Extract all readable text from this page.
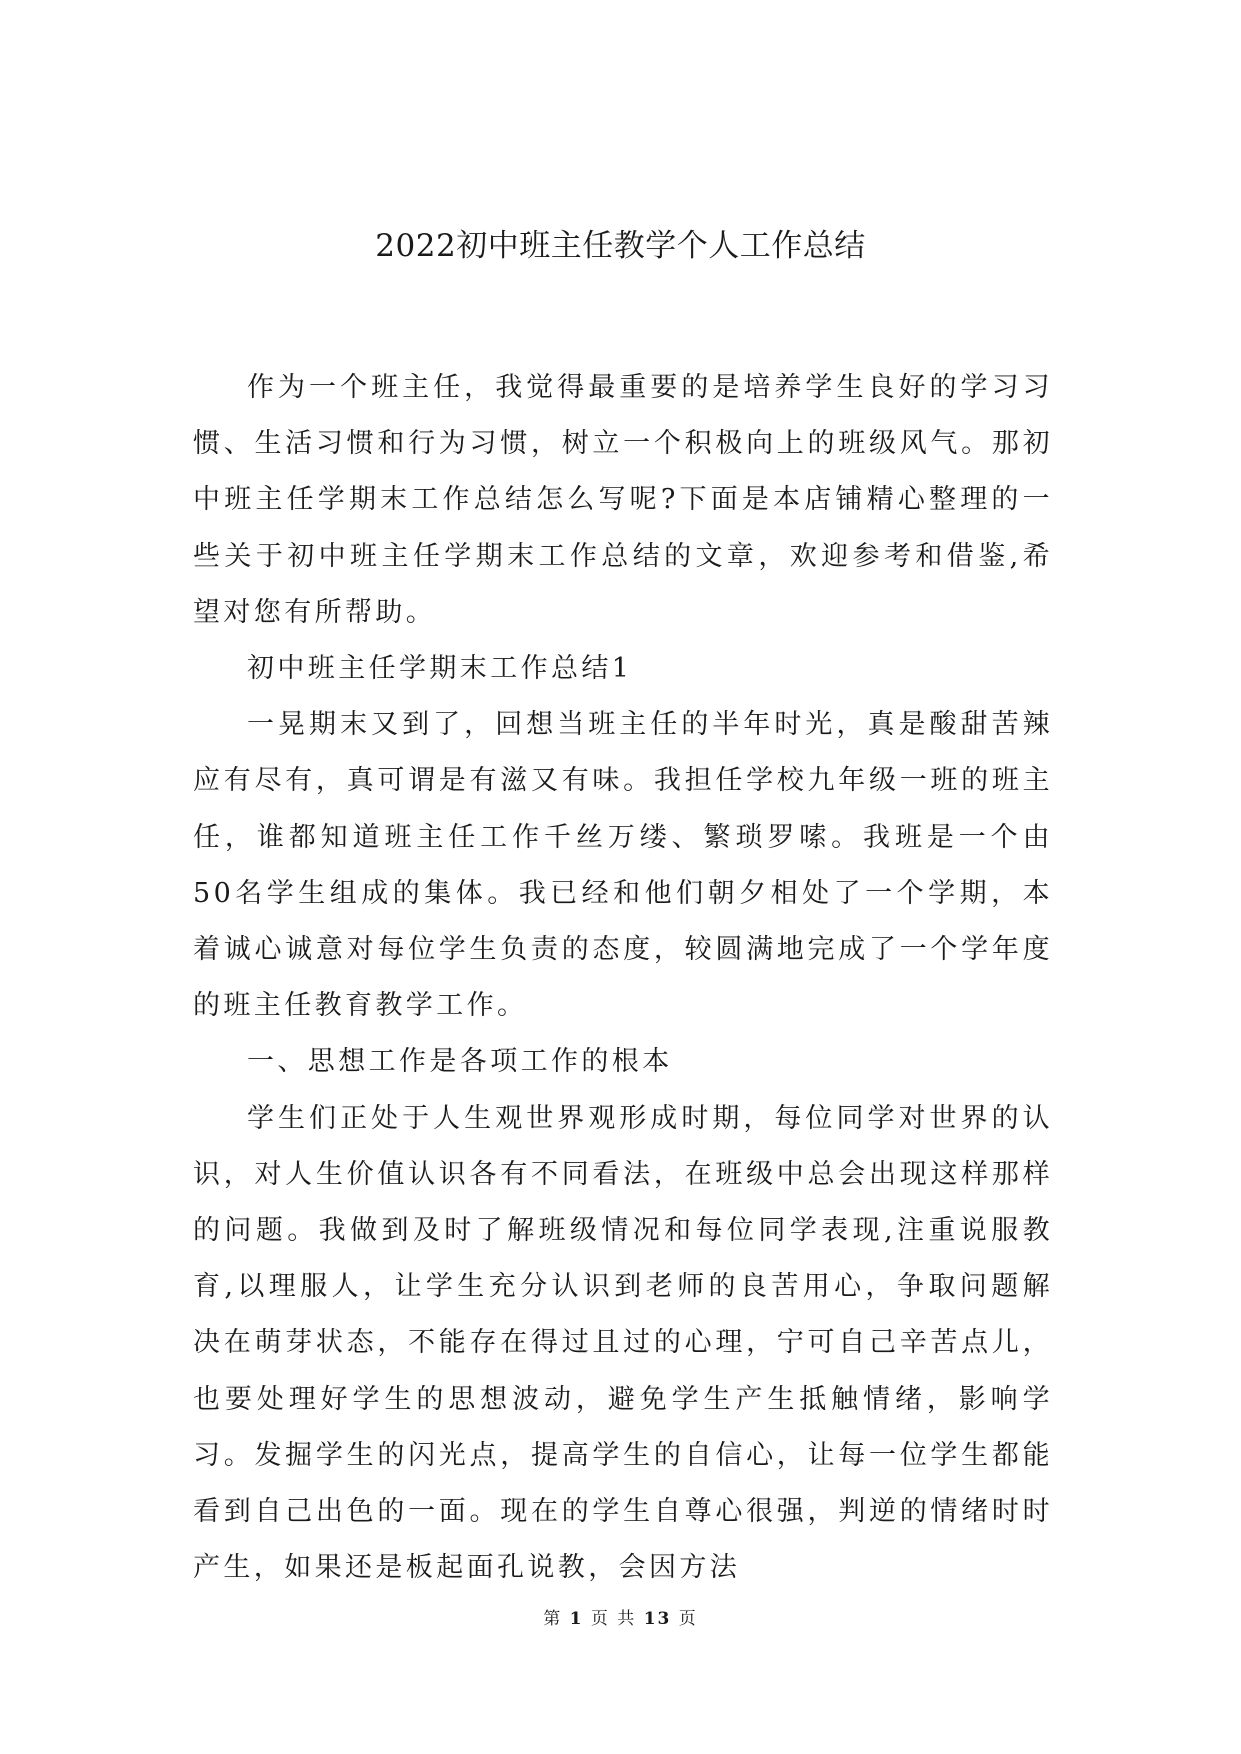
2022初中班主任教学个人工作总结

作为一个班主任，我觉得最重要的是培养学生良好的学习习惯、生活习惯和行为习惯，树立一个积极向上的班级风气。那初中班主任学期末工作总结怎么写呢?下面是本店铺精心整理的一些关于初中班主任学期末工作总结的文章，欢迎参考和借鉴,希望对您有所帮助。

初中班主任学期末工作总结1

一晃期末又到了，回想当班主任的半年时光，真是酸甜苦辣应有尽有，真可谓是有滋又有味。我担任学校九年级一班的班主任，谁都知道班主任工作千丝万缕、繁琐罗嗦。我班是一个由50名学生组成的集体。我已经和他们朝夕相处了一个学期，本着诚心诚意对每位学生负责的态度，较圆满地完成了一个学年度的班主任教育教学工作。

一、思想工作是各项工作的根本

学生们正处于人生观世界观形成时期，每位同学对世界的认识，对人生价值认识各有不同看法，在班级中总会出现这样那样的问题。我做到及时了解班级情况和每位同学表现,注重说服教育,以理服人，让学生充分认识到老师的良苦用心，争取问题解决在萌芽状态，不能存在得过且过的心理，宁可自己辛苦点儿，也要处理好学生的思想波动，避免学生产生抵触情绪，影响学习。发掘学生的闪光点，提高学生的自信心，让每一位学生都能看到自己出色的一面。现在的学生自尊心很强，判逆的情绪时时产生，如果还是板起面孔说教，会因方法

第 1 页 共 13 页
